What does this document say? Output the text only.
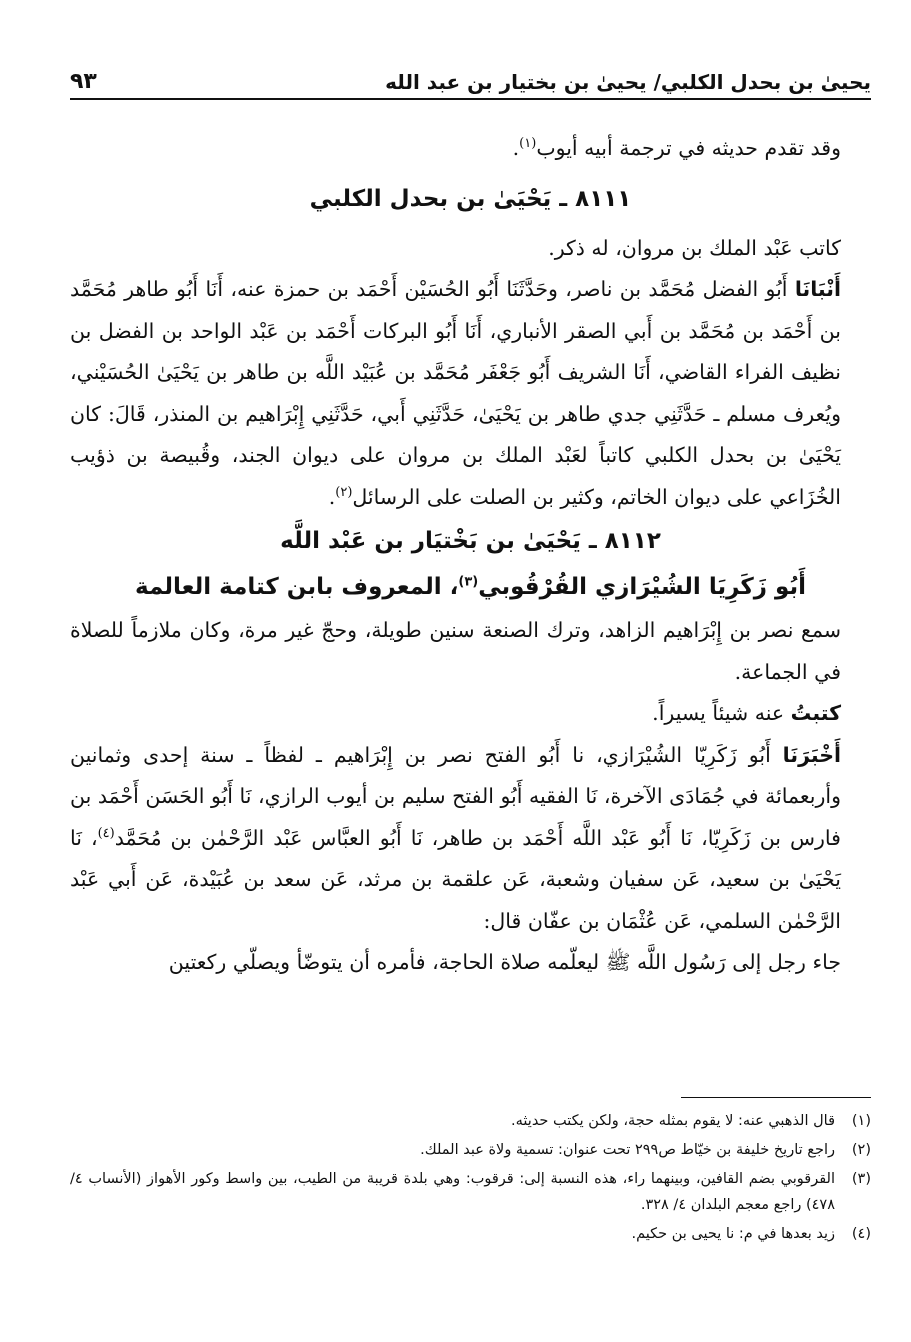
يحيىٰ بن بحدل الكلبي/ يحيىٰ بن بختيار بن عبد الله
٩٣

وقد تقدم حديثه في ترجمة أبيه أيوب$^{(١)}$.

٨١١١ ـ يَحْيَىٰ بن بحدل الكلبي

كاتب عَبْد الملك بن مروان، له ذكر.

أَنْبَانَا أَبُو الفضل مُحَمَّد بن ناصر، وحَدَّثَنَا أَبُو الحُسَيْن أَحْمَد بن حمزة عنه، أَنَا أَبُو طاهر مُحَمَّد بن أَحْمَد بن مُحَمَّد بن أَبي الصقر الأنباري، أَنَا أَبُو البركات أَحْمَد بن عَبْد الواحد بن الفضل بن نظيف الفراء القاضي، أَنَا الشريف أَبُو جَعْفَر مُحَمَّد بن عُبَيْد اللَّه بن طاهر بن يَحْيَىٰ الحُسَيْني، ويُعرف مسلم ـ حَدَّثَنِي جدي طاهر بن يَحْيَىٰ، حَدَّثَنِي أَبي، حَدَّثَنِي إِبْرَاهيم بن المنذر، قَالَ: كان يَحْيَىٰ بن بحدل الكلبي كاتباً لعَبْد الملك بن مروان على ديوان الجند، وقُبيصة بن ذؤيب الخُزَاعي على ديوان الخاتم، وكثير بن الصلت على الرسائل$^{(٢)}$.

٨١١٢ ـ يَحْيَىٰ بن بَخْتيَار بن عَبْد اللَّه
أَبُو زَكَرِيَا الشُيْرَازي القُرْقُوبي$^{(٣)}$، المعروف بابن كتامة العالمة

سمع نصر بن إِبْرَاهيم الزاهد، وترك الصنعة سنين طويلة، وحجّ غير مرة، وكان ملازماً للصلاة في الجماعة.

كتبتُ عنه شيئاً يسيراً.

أَخْبَرَنَا أَبُو زَكَرِيّا الشُيْرَازي، نا أَبُو الفتح نصر بن إِبْرَاهيم ـ لفظاً ـ سنة إحدى وثمانين وأربعمائة في جُمَادَى الآخرة، نَا الفقيه أَبُو الفتح سليم بن أيوب الرازي، نَا أَبُو الحَسَن أَحْمَد بن فارس بن زَكَرِيّا، نَا أَبُو عَبْد اللَّه أَحْمَد بن طاهر، نَا أَبُو العبَّاس عَبْد الرَّحْمٰن بن مُحَمَّد$^{(٤)}$، نَا يَحْيَىٰ بن سعيد، عَن سفيان وشعبة، عَن علقمة بن مرثد، عَن سعد بن عُبَيْدة، عَن أَبي عَبْد الرَّحْمٰن السلمي، عَن عُثْمَان بن عفّان قال:

جاء رجل إلى رَسُول اللَّه ﷺ ليعلّمه صلاة الحاجة، فأمره أن يتوضّأ ويصلّي ركعتين

(١)
قال الذهبي عنه: لا يقوم بمثله حجة، ولكن يكتب حديثه.
(٢)
راجع تاريخ خليفة بن خيّاط ص٢٩٩ تحت عنوان: تسمية ولاة عبد الملك.
(٣)
القرقوبي بضم القافين، وبينهما راء، هذه النسبة إلى: قرقوب: وهي بلدة قريبة من الطيب، بين واسط وكور الأهواز (الأنساب ٤/ ٤٧٨) راجع معجم البلدان ٤/ ٣٢٨.
(٤)
زيد بعدها في م: نا يحيى بن حكيم.
